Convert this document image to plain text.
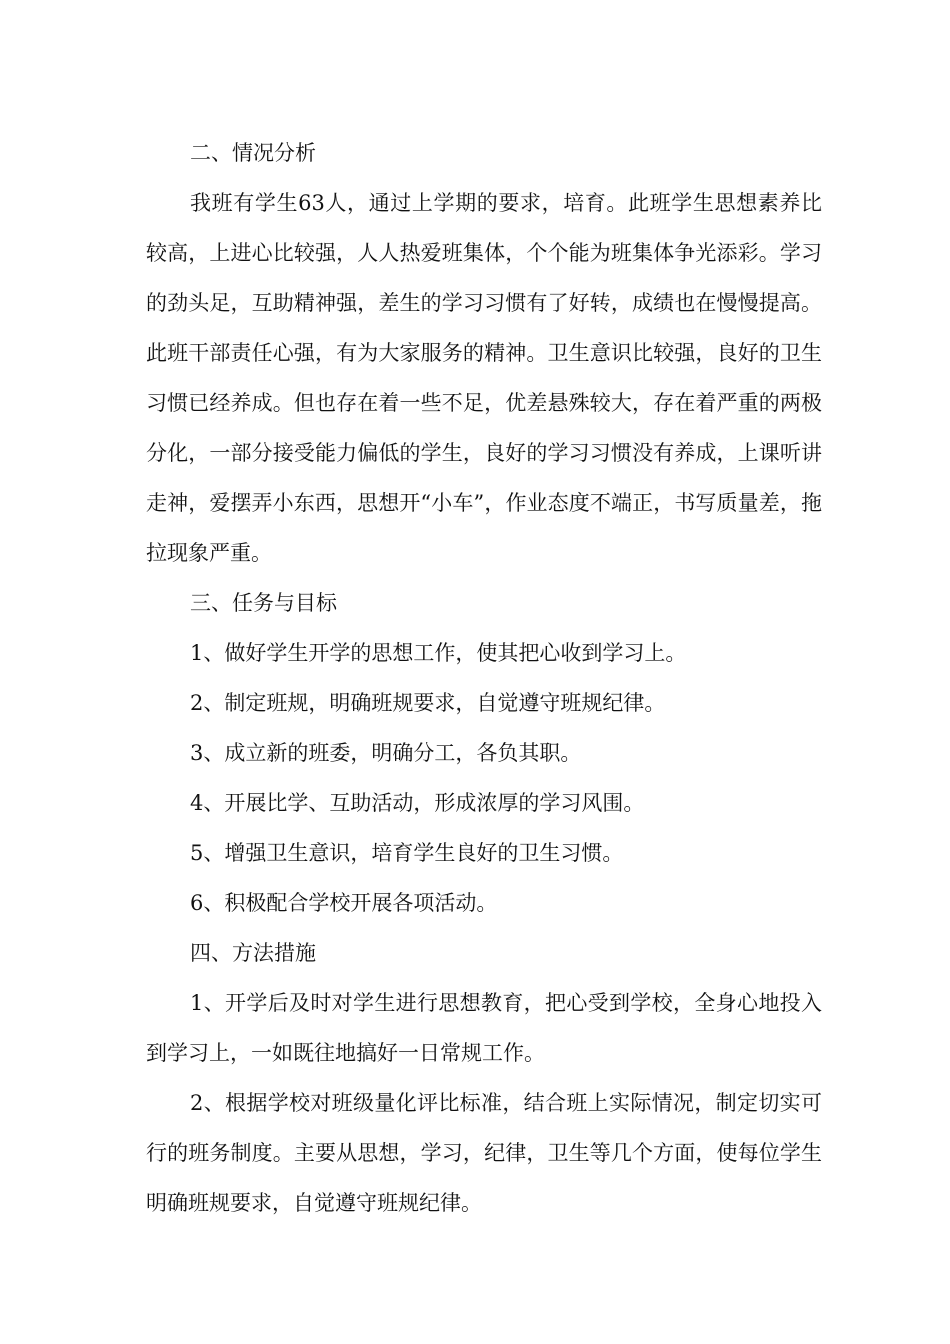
二、情况分析

我班有学生63人，通过上学期的要求，培育。此班学生思想素养比较高，上进心比较强，人人热爱班集体，个个能为班集体争光添彩。学习的劲头足，互助精神强，差生的学习习惯有了好转，成绩也在慢慢提高。此班干部责任心强，有为大家服务的精神。卫生意识比较强，良好的卫生习惯已经养成。但也存在着一些不足，优差悬殊较大，存在着严重的两极分化，一部分接受能力偏低的学生，良好的学习习惯没有养成，上课听讲走神，爱摆弄小东西，思想开“小车”，作业态度不端正，书写质量差，拖拉现象严重。

三、任务与目标

1、做好学生开学的思想工作，使其把心收到学习上。

2、制定班规，明确班规要求，自觉遵守班规纪律。

3、成立新的班委，明确分工，各负其职。

4、开展比学、互助活动，形成浓厚的学习风围。

5、增强卫生意识，培育学生良好的卫生习惯。

6、积极配合学校开展各项活动。

四、方法措施

1、开学后及时对学生进行思想教育，把心受到学校，全身心地投入到学习上，一如既往地搞好一日常规工作。

2、根据学校对班级量化评比标准，结合班上实际情况，制定切实可行的班务制度。主要从思想，学习，纪律，卫生等几个方面，使每位学生明确班规要求，自觉遵守班规纪律。
